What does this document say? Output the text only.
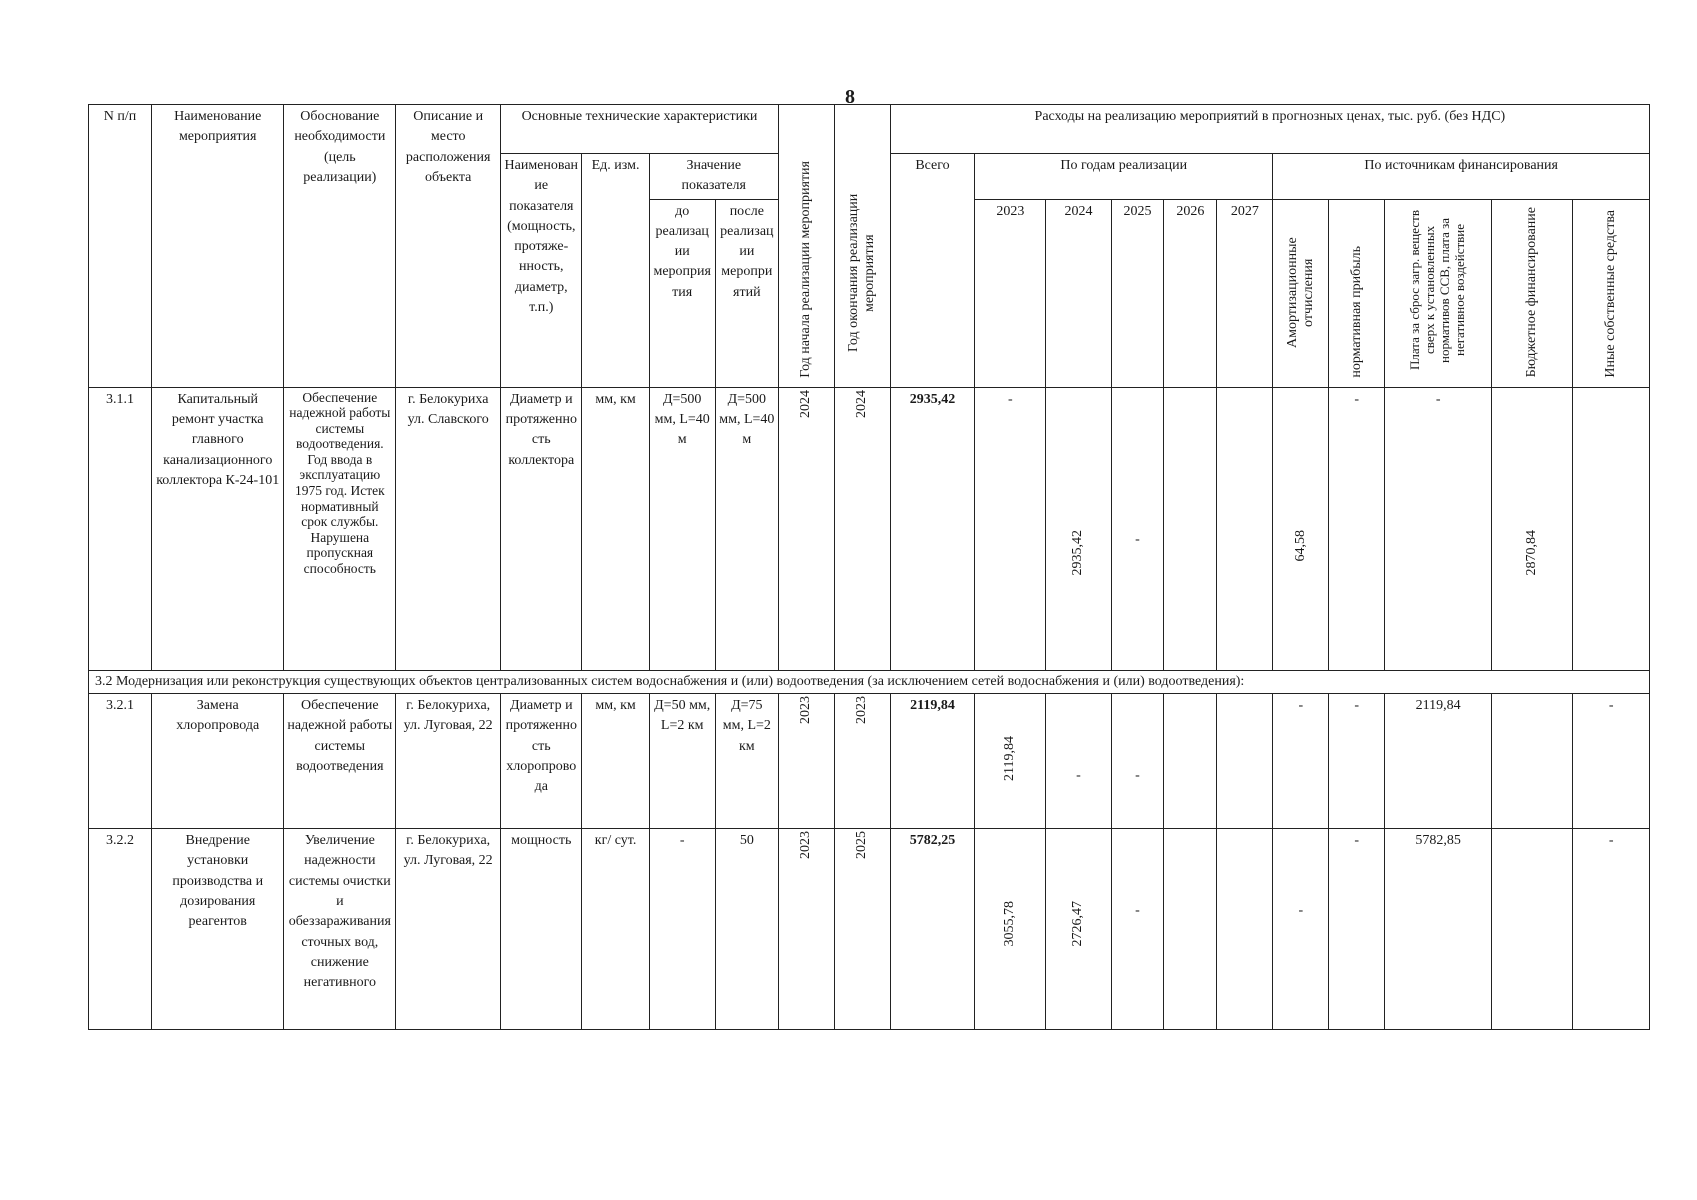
8
N п/п	Наименование мероприятия	Обоснование необходимости (цель реализации)	Описание и место расположения объекта	Основные технические характеристики				Год начала реализации мероприятия	Год окончания реализации мероприятия	Расходы на реализацию мероприятий в прогнозных ценах, тыс. руб. (без НДС)										
				Наименование показателя (мощность, протяже-нность, диаметр, т.п.)	Ед. изм.	Значение показателя				Всего	По годам реализации					По источникам финансирования				
						до реализации мероприятия	после реализации мероприятий				2023	2024	2025	2026	2027	Амортизационные отчисления	нормативная прибыль	Плата за сброс загр. веществ сверх к установленных нормативов ССВ, плата за негативное воздействие	Бюджетное финансирование	Иные собственные средства
3.1.1	Капитальный ремонт участка главного канализационного коллектора К-24-101	Обеспечение надежной работы системы водоотведения. Год ввода в эксплуатацию 1975 год. Истек нормативный срок службы. Нарушена пропускная способность	г. Белокуриха ул. Славского	Диаметр и протяженность коллектора	мм, км	Д=500 мм, L=40 м	Д=500 мм, L=40 м	2024	2024	2935,42	-	2935,42	-			64,58	-	-	2870,84	
3.2 Модернизация или реконструкция существующих объектов централизованных систем водоснабжения и (или) водоотведения (за исключением сетей водоснабжения и (или) водоотведения):																				
3.2.1	Замена хлоропровода	Обеспечение надежной работы системы водоотведения	г. Белокуриха, ул. Луговая, 22	Диаметр и протяженность хлоропровода	мм, км	Д=50 мм, L=2 км	Д=75 мм, L=2 км	2023	2023	2119,84	2119,84	-	-			-	-	2119,84		-
3.2.2	Внедрение установки производства и дозирования реагентов	Увеличение надежности системы очистки и обеззараживания сточных вод, снижение негативного	г. Белокуриха, ул. Луговая, 22	мощность	кг/ сут.	-	50	2023	2025	5782,25	3055,78	2726,47	-			-	-	5782,85		-
